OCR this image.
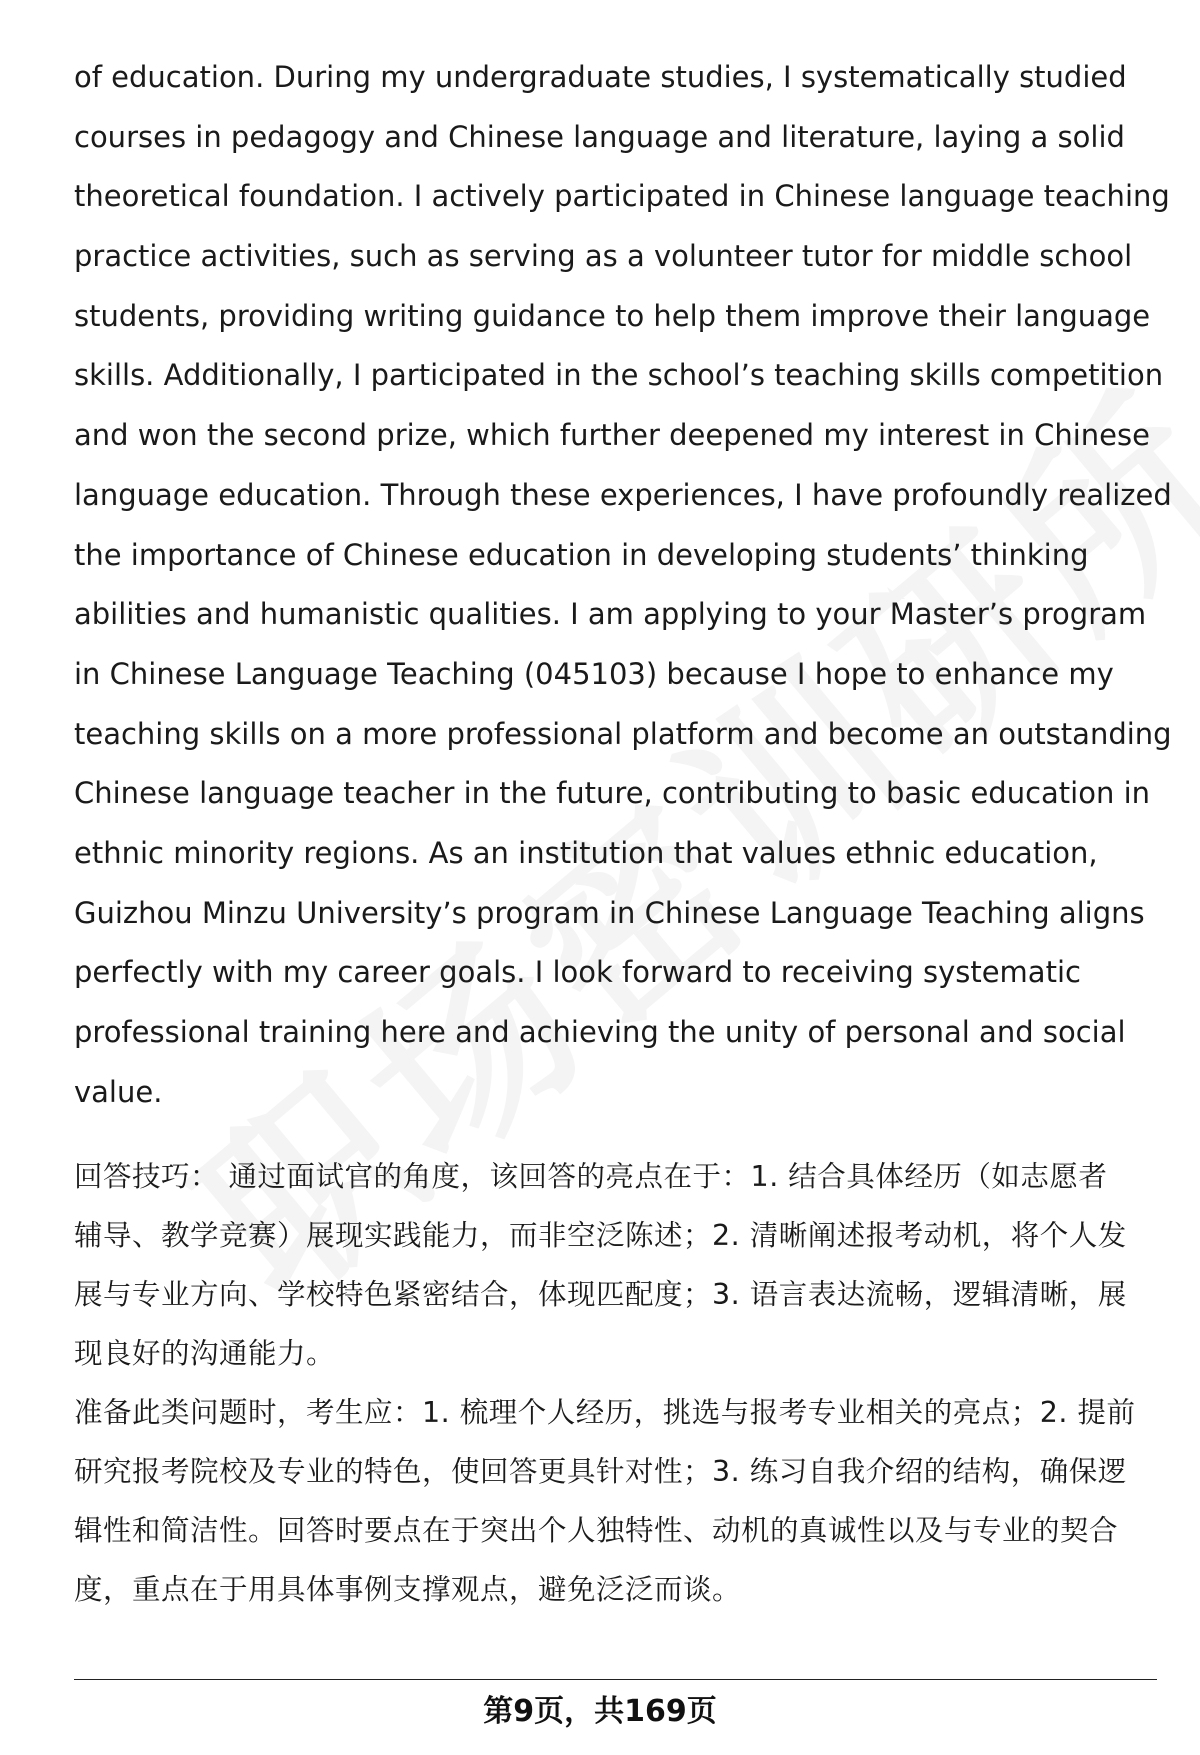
of education. During my undergraduate studies, I systematically studied

courses in pedagogy and Chinese language and literature, laying a solid

theoretical foundation. I actively participated in Chinese language teaching

practice activities, such as serving as a volunteer tutor for middle school

students, providing writing guidance to help them improve their language

skills. Additionally, I participated in the school’s teaching skills competition

and won the second prize, which further deepened my interest in Chinese

language education. Through these experiences, I have profoundly realized

the importance of Chinese education in developing students’ thinking

abilities and humanistic qualities. I am applying to your Master’s program

in Chinese Language Teaching (045103) because I hope to enhance my

teaching skills on a more professional platform and become an outstanding

Chinese language teacher in the future, contributing to basic education in

ethnic minority regions. As an institution that values ethnic education,

Guizhou Minzu University’s program in Chinese Language Teaching aligns

perfectly with my career goals. I look forward to receiving systematic

professional training here and achieving the unity of personal and social

value.

回答技巧： 通过面试官的角度，该回答的亮点在于：1. 结合具体经历（如志愿者

辅导、教学竞赛）展现实践能力，而非空泛陈述；2. 清晰阐述报考动机，将个人发

展与专业方向、学校特色紧密结合，体现匹配度；3. 语言表达流畅，逻辑清晰，展

现良好的沟通能力。

准备此类问题时，考生应：1. 梳理个人经历，挑选与报考专业相关的亮点；2. 提前

研究报考院校及专业的特色，使回答更具针对性；3. 练习自我介绍的结构，确保逻

辑性和简洁性。回答时要点在于突出个人独特性、动机的真诚性以及与专业的契合

度，重点在于用具体事例支撑观点，避免泛泛而谈。

第9页，共169页
